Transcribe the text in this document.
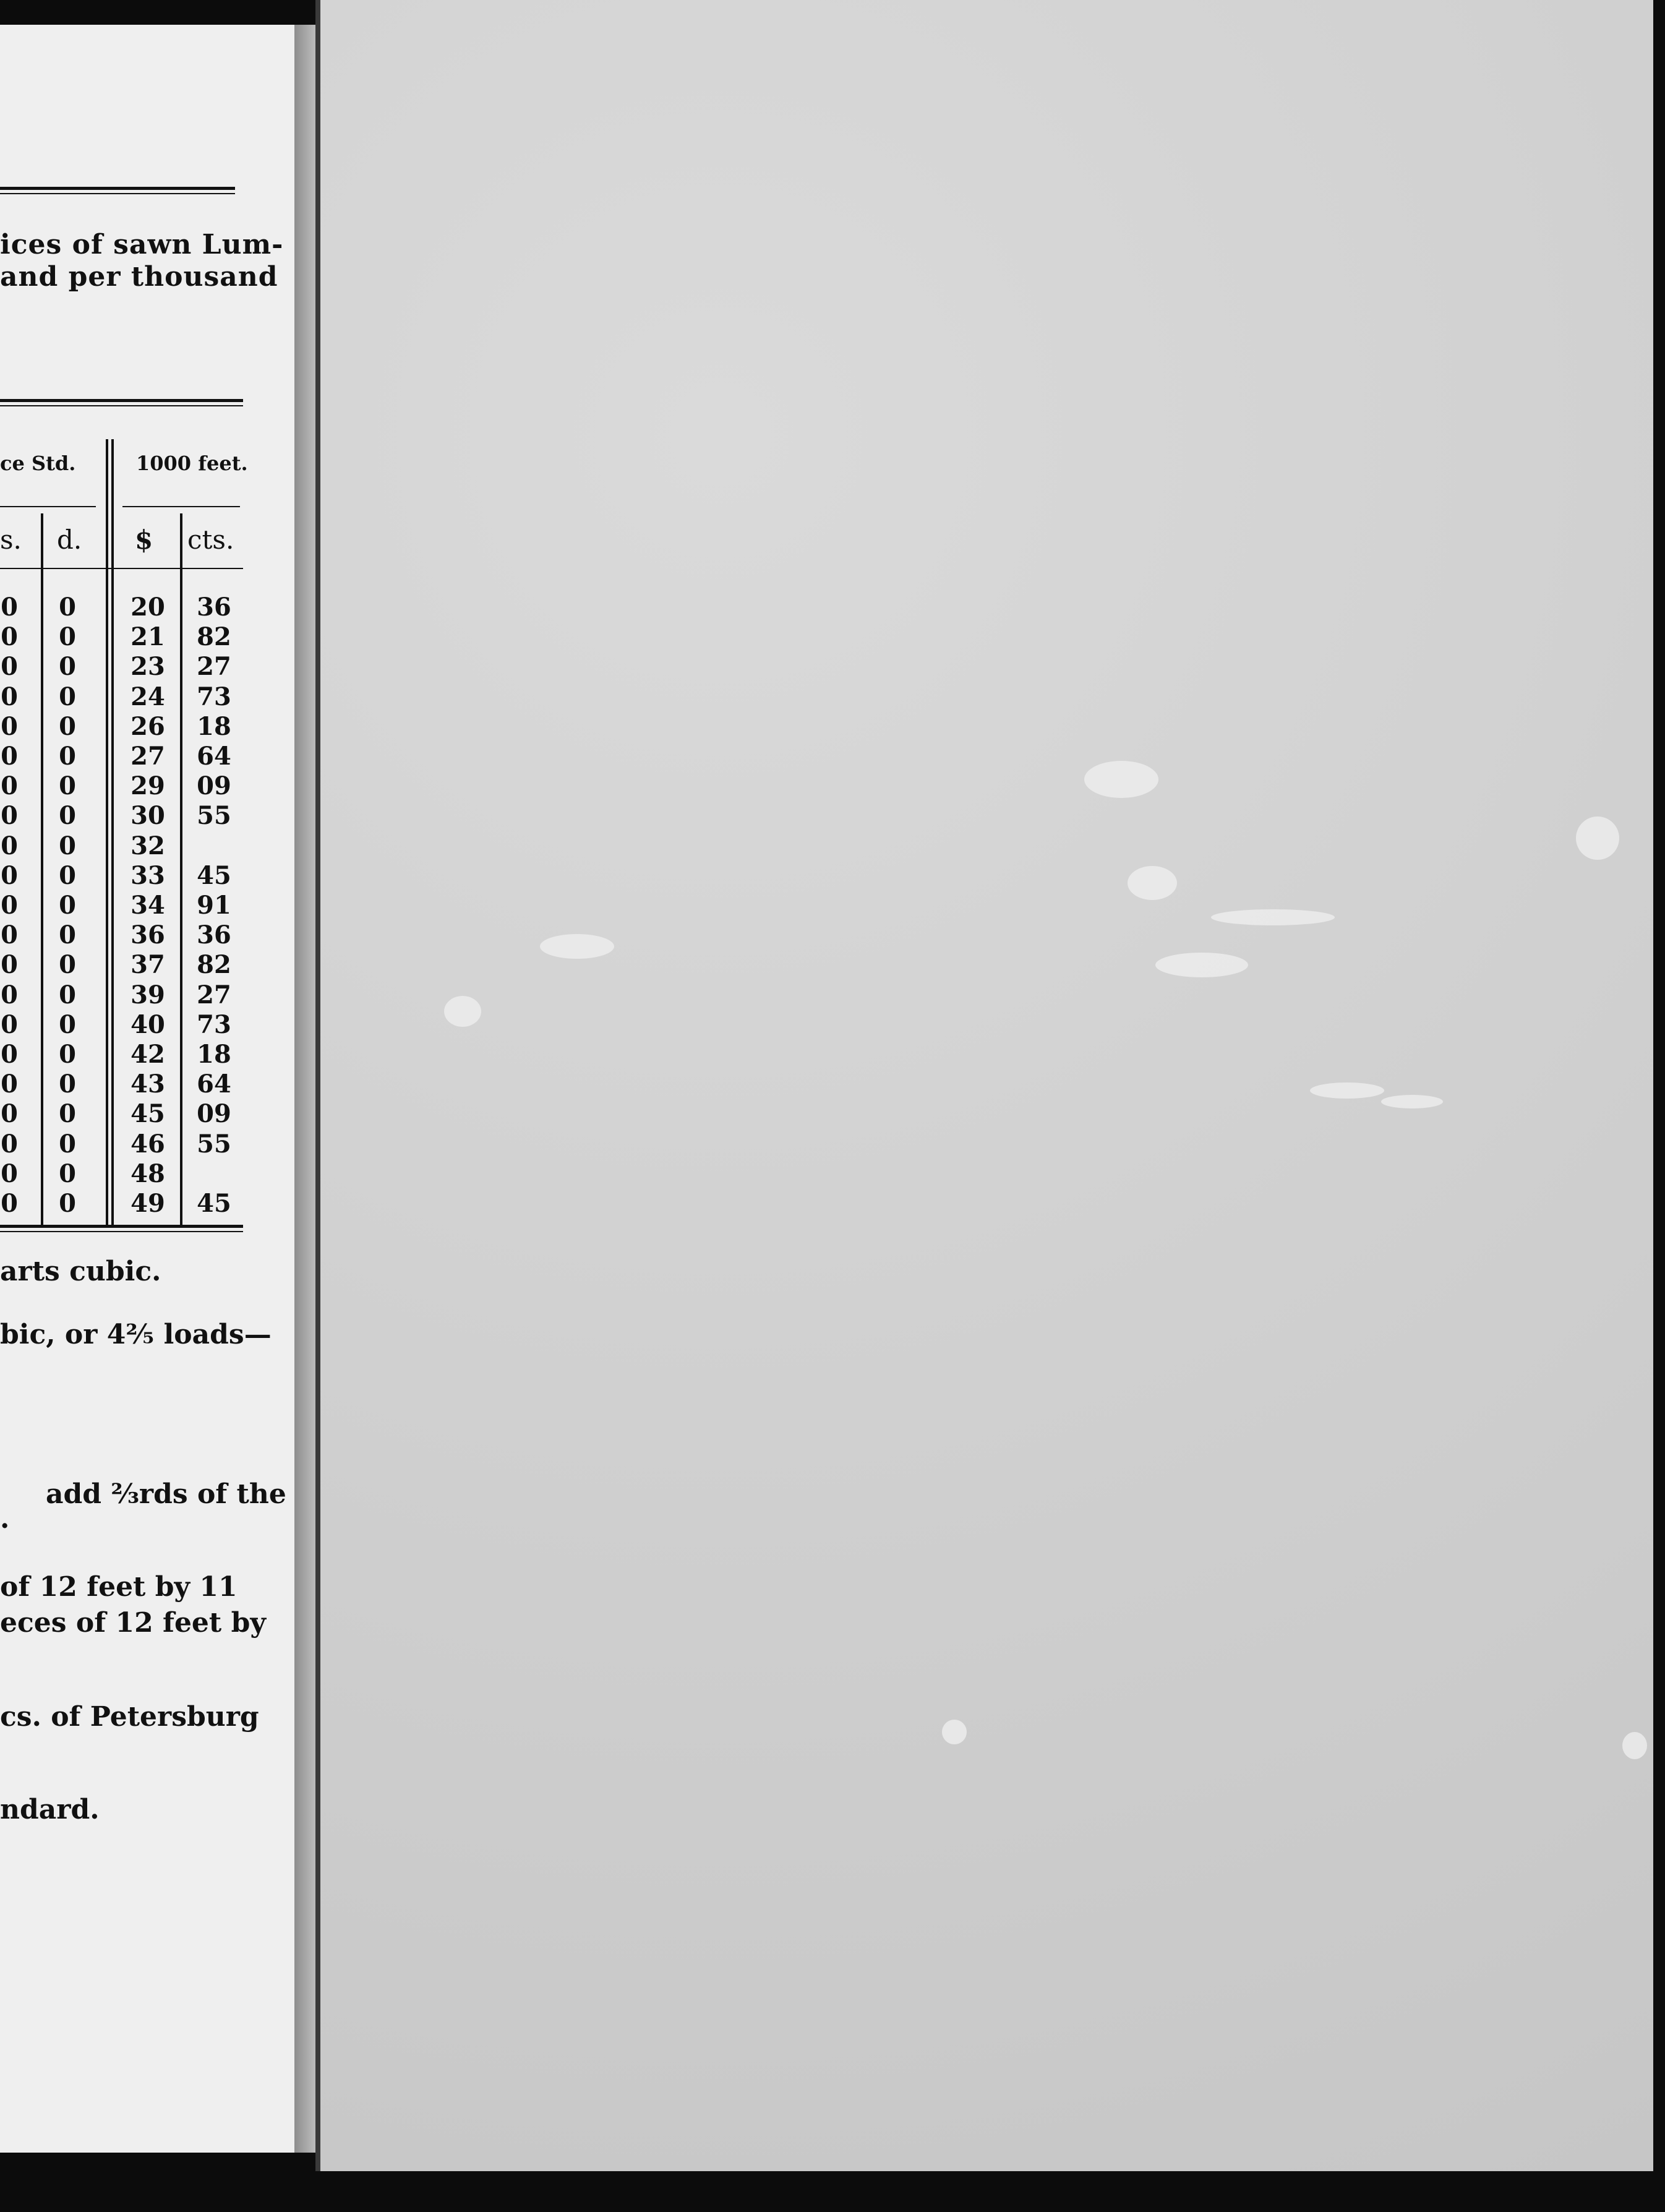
ices of sawn Lum-
and per thousand
ce Std.	1000 feet.
s. d. $ cts.
0	0	20 36
0	0	21 82
0	0	23 27
0	0	24 73
0	0	26 18
0	0	27 64
0	0	29 09
0	0	30 55
0	0	32
0	0	33 45
0	0	34 91
0	0	36 36
0	0	37 82
0	0	39 27
0	0	40 73
0	0	42 18
0	0	43 64
0	0	45 09
0	0	46 55
0	0	48
0	0	49 45
arts cubic.
bic, or 4²⁄₅ loads—
add ⅔rds of the
.
of 12 feet by 11
eces of 12 feet by
cs. of Petersburg
ndard.
